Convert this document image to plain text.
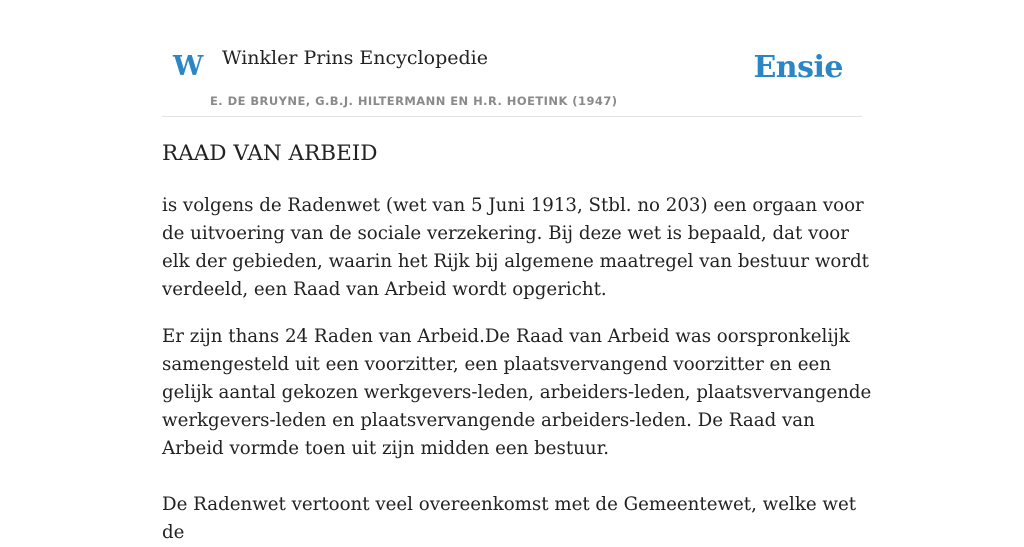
W Winkler Prins Encyclopedie
E. DE BRUYNE, G.B.J. HILTERMANN EN H.R. HOETINK (1947)
Ensie
RAAD VAN ARBEID

is volgens de Radenwet (wet van 5 Juni 1913, Stbl. no 203) een orgaan voor de uitvoering van de sociale verzekering. Bij deze wet is bepaald, dat voor elk der gebieden, waarin het Rijk bij algemene maatregel van bestuur wordt verdeeld, een Raad van Arbeid wordt opgericht.

Er zijn thans 24 Raden van Arbeid.De Raad van Arbeid was oorspronkelijk samengesteld uit een voorzitter, een plaatsvervangend voorzitter en een gelijk aantal gekozen werkgevers-leden, arbeiders-leden, plaatsvervangende werkgevers-leden en plaatsvervangende arbeiders-leden. De Raad van Arbeid vormde toen uit zijn midden een bestuur.

De Radenwet vertoont veel overeenkomst met de Gemeentewet, welke wet de
